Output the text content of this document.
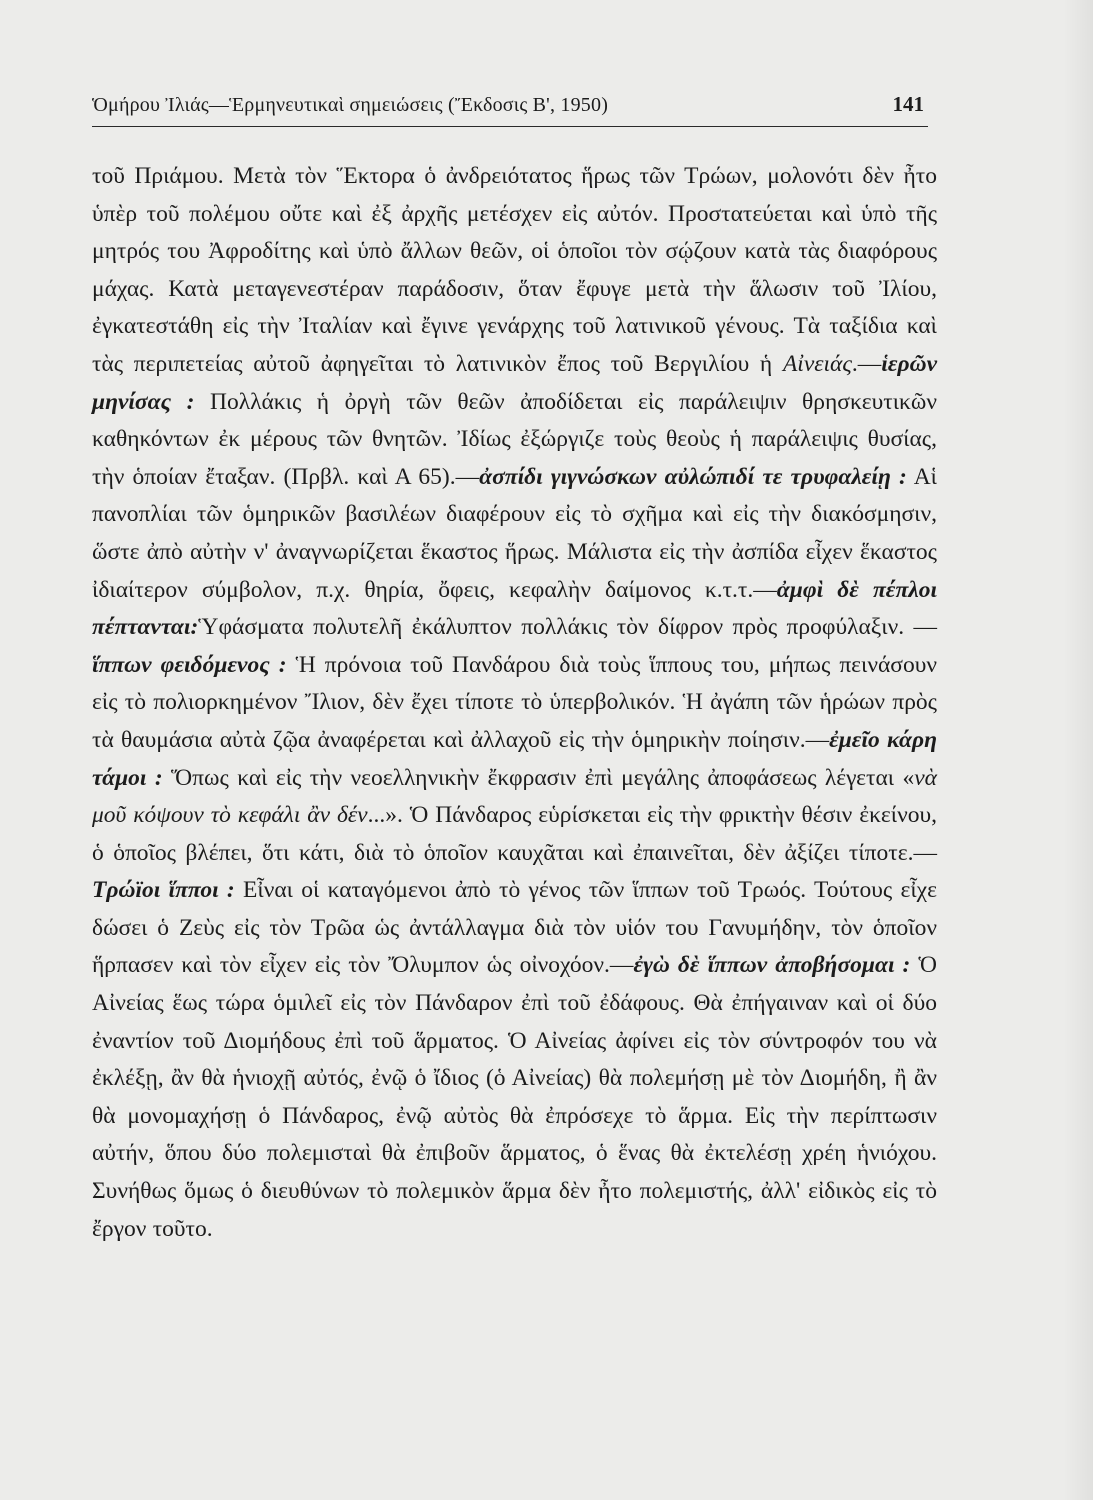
Ὁμήρου Ἰλιάς—Ἑρμηνευτικαὶ σημειώσεις (Ἔκδοσις Β', 1950)	141

τοῦ Πριάμου. Μετὰ τὸν Ἕκτορα ὁ ἀνδρειότατος ἥρως τῶν Τρώων, μολονότι δὲν ἦτο ὑπὲρ τοῦ πολέμου οὔτε καὶ ἐξ ἀρχῆς μετέσχεν εἰς αὐτόν. Προστατεύεται καὶ ὑπὸ τῆς μητρός του Ἀφροδίτης καὶ ὑπὸ ἄλλων θεῶν, οἱ ὁποῖοι τὸν σῴζουν κατὰ τὰς διαφόρους μάχας. Κατὰ μεταγενεστέραν παράδοσιν, ὅταν ἔφυγε μετὰ τὴν ἅλωσιν τοῦ Ἰλίου, ἐγκατεστάθη εἰς τὴν Ἰταλίαν καὶ ἔγινε γενάρχης τοῦ λατινικοῦ γένους. Τὰ ταξίδια καὶ τὰς περιπετείας αὐτοῦ ἀφηγεῖται τὸ λατινικὸν ἔπος τοῦ Βεργιλίου ἡ Αἰνειάς.—ἱερῶν μηνίσας : Πολλάκις ἡ ὀργὴ τῶν θεῶν ἀποδίδεται εἰς παράλειψιν θρησκευτικῶν καθηκόντων ἐκ μέρους τῶν θνητῶν. Ἰδίως ἐξώργιζε τοὺς θεοὺς ἡ παράλειψις θυσίας, τὴν ὁποίαν ἔταξαν. (Πρβλ. καὶ Α 65).—ἀσπίδι γιγνώσκων αὐλώπιδί τε τρυφαλείῃ : Αἱ πανοπλίαι τῶν ὁμηρικῶν βασιλέων διαφέρουν εἰς τὸ σχῆμα καὶ εἰς τὴν διακόσμησιν, ὥστε ἀπὸ αὐτὴν ν' ἀναγνωρίζεται ἕκαστος ἥρως. Μάλιστα εἰς τὴν ἀσπίδα εἶχεν ἕκαστος ἰδιαίτερον σύμβολον, π.χ. θηρία, ὄφεις, κεφαλὴν δαίμονος κ.τ.τ.—ἀμφὶ δὲ πέπλοι πέπτανται:Ὑφάσματα πολυτελῆ ἐκάλυπτον πολλάκις τὸν δίφρον πρὸς προφύλαξιν. — ἵππων φειδόμενος : Ἡ πρόνοια τοῦ Πανδάρου διὰ τοὺς ἵππους του, μήπως πεινάσουν εἰς τὸ πολιορκημένον Ἴλιον, δὲν ἔχει τίποτε τὸ ὑπερβολικόν. Ἡ ἀγάπη τῶν ἡρώων πρὸς τὰ θαυμάσια αὐτὰ ζῷα ἀναφέρεται καὶ ἀλλαχοῦ εἰς τὴν ὁμηρικὴν ποίησιν.—ἐμεῖο κάρη τάμοι : Ὅπως καὶ εἰς τὴν νεοελληνικὴν ἔκφρασιν ἐπὶ μεγάλης ἀποφάσεως λέγεται «νὰ μοῦ κόψουν τὸ κεφάλι ἂν δέν...». Ὁ Πάνδαρος εὑρίσκεται εἰς τὴν φρικτὴν θέσιν ἐκείνου, ὁ ὁποῖος βλέπει, ὅτι κάτι, διὰ τὸ ὁποῖον καυχᾶται καὶ ἐπαινεῖται, δὲν ἀξίζει τίποτε.—Τρώϊοι ἵπποι : Εἶναι οἱ καταγόμενοι ἀπὸ τὸ γένος τῶν ἵππων τοῦ Τρωός. Τούτους εἶχε δώσει ὁ Ζεὺς εἰς τὸν Τρῶα ὡς ἀντάλλαγμα διὰ τὸν υἱόν του Γανυμήδην, τὸν ὁποῖον ἥρπασεν καὶ τὸν εἶχεν εἰς τὸν Ὄλυμπον ὡς οἰνοχόον.—ἐγὼ δὲ ἵππων ἀποβήσομαι : Ὁ Αἰνείας ἕως τώρα ὁμιλεῖ εἰς τὸν Πάνδαρον ἐπὶ τοῦ ἐδάφους. Θὰ ἐπήγαιναν καὶ οἱ δύο ἐναντίον τοῦ Διομήδους ἐπὶ τοῦ ἅρματος. Ὁ Αἰνείας ἀφίνει εἰς τὸν σύντροφόν του νὰ ἐκλέξῃ, ἂν θὰ ἡνιοχῇ αὐτός, ἐνῷ ὁ ἴδιος (ὁ Αἰνείας) θὰ πολεμήσῃ μὲ τὸν Διομήδη, ἢ ἂν θὰ μονομαχήσῃ ὁ Πάνδαρος, ἐνῷ αὐτὸς θὰ ἐπρόσεχε τὸ ἅρμα. Εἰς τὴν περίπτωσιν αὐτήν, ὅπου δύο πολεμισταὶ θὰ ἐπιβοῦν ἅρματος, ὁ ἕνας θὰ ἐκτελέσῃ χρέη ἡνιόχου. Συνήθως ὅμως ὁ διευθύνων τὸ πολεμικὸν ἅρμα δὲν ἦτο πολεμιστής, ἀλλ' εἰδικὸς εἰς τὸ ἔργον τοῦτο.
